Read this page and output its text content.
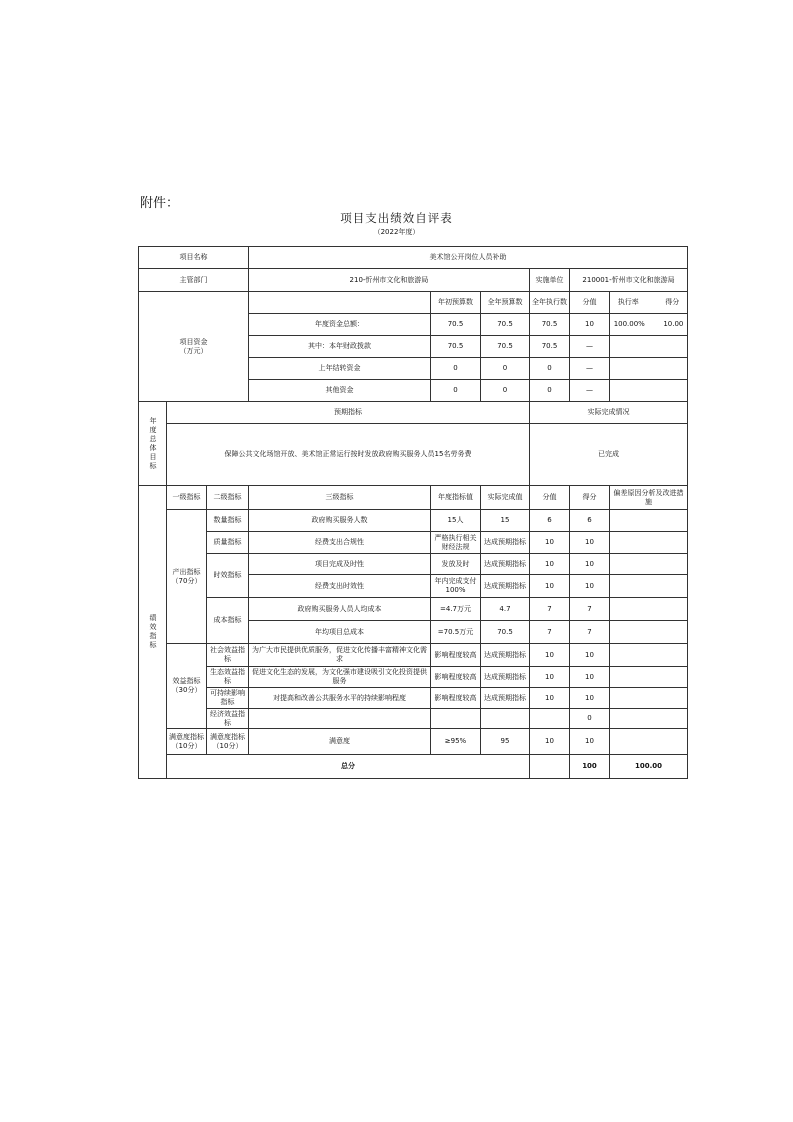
附件：
项目支出绩效自评表
（2022年度）
项目名称			美术馆公开岗位人员补助						
主管部门			210-忻州市文化和旅游局			实施单位	210001-忻州市文化和旅游局		
项目资金
（万元）				年初预算数	全年预算数	全年执行数	分值	执行率 得分	
			年度资金总额：	70.5	70.5	70.5	10	100.00% 10.00	
			其中：本年财政拨款	70.5	70.5	70.5	—		
			上年结转资金	0	0	0	—		
			其他资金	0	0	0	—		
年度总体目标	预期指标					实际完成情况			
	保障公共文化场馆开放、美术馆正常运行按时发放政府购买服务人员15名劳务费					已完成			
绩效指标	一级指标	二级指标	三级指标	年度指标值	实际完成值	分值	得分	偏差原因分析及改进措施	
	产出指标
（70分）	数量指标	政府购买服务人数	15人	15	6	6		
		质量指标	经费支出合规性	严格执行相关财经法规	达成预期指标	10	10		
		时效指标	项目完成及时性	发放及时	达成预期指标	10	10		
			经费支出时效性	年内完成支付100%	达成预期指标	10	10		
		成本指标	政府购买服务人员人均成本	=4.7万元	4.7	7	7		
			年均项目总成本	=70.5万元	70.5	7	7		
	效益指标
（30分）	社会效益指标	为广大市民提供优质服务，促进文化传播丰富精神文化需求	影响程度较高	达成预期指标	10	10		
		生态效益指标	促进文化生态的发展，为文化强市建设吸引文化投资提供服务	影响程度较高	达成预期指标	10	10		
		可持续影响指标	对提高和改善公共服务水平的持续影响程度	影响程度较高	达成预期指标	10	10		
		经济效益指标					0		
	满意度指标（10分）	满意度指标（10分）	满意度	≥95%	95	10	10		
	总分						100	100.00	
